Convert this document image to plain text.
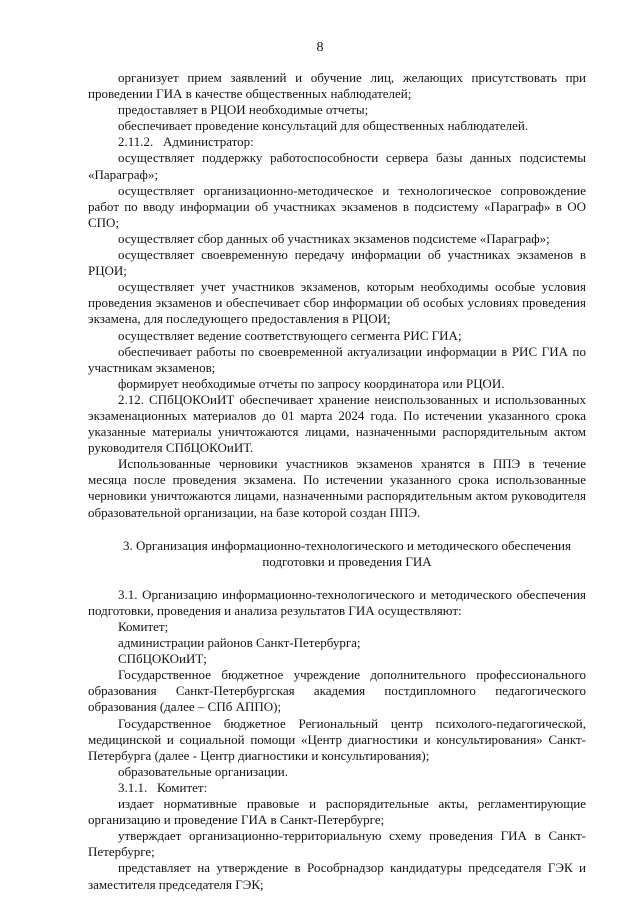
8

организует прием заявлений и обучение лиц, желающих присутствовать при проведении ГИА в качестве общественных наблюдателей;

предоставляет в РЦОИ необходимые отчеты;

обеспечивает проведение консультаций для общественных наблюдателей.

2.11.2.   Администратор:

осуществляет поддержку работоспособности сервера базы данных подсистемы «Параграф»;

осуществляет организационно-методическое и технологическое сопровождение работ по вводу информации об участниках экзаменов в подсистему «Параграф» в ОО СПО;

осуществляет сбор данных об участниках экзаменов подсистеме «Параграф»;

осуществляет своевременную передачу информации об участниках экзаменов в РЦОИ;

осуществляет учет участников экзаменов, которым необходимы особые условия проведения экзаменов и обеспечивает сбор информации об особых условиях проведения экзамена, для последующего предоставления в РЦОИ;

осуществляет ведение соответствующего сегмента РИС ГИА;

обеспечивает работы по своевременной актуализации информации в РИС ГИА по участникам экзаменов;

формирует необходимые отчеты по запросу координатора или РЦОИ.

2.12. СПбЦОКОиИТ обеспечивает хранение неиспользованных и использованных экзаменационных материалов до 01 марта 2024 года. По истечении указанного срока указанные материалы уничтожаются лицами, назначенными распорядительным актом руководителя СПбЦОКОиИТ.

Использованные черновики участников экзаменов хранятся в ППЭ в течение месяца после проведения экзамена. По истечении указанного срока использованные черновики уничтожаются лицами, назначенными распорядительным актом руководителя образовательной организации, на базе которой создан ППЭ.

3. Организация информационно-технологического и методического обеспечения подготовки и проведения ГИА

3.1. Организацию информационно-технологического и методического обеспечения подготовки, проведения и анализа результатов ГИА осуществляют:

Комитет;

администрации районов Санкт-Петербурга;

СПбЦОКОиИТ;

Государственное бюджетное учреждение дополнительного профессионального образования Санкт-Петербургская академия постдипломного педагогического образования (далее – СПб АППО);

Государственное бюджетное Региональный центр психолого-педагогической, медицинской и социальной помощи «Центр диагностики и консультирования» Санкт-Петербурга (далее - Центр диагностики и консультирования);

образовательные организации.

3.1.1.   Комитет:

издает нормативные правовые и распорядительные акты, регламентирующие организацию и проведение ГИА в Санкт-Петербурге;

утверждает организационно-территориальную схему проведения ГИА в Санкт-Петербурге;

представляет на утверждение в Рособрнадзор кандидатуры председателя ГЭК и заместителя председателя ГЭК;
